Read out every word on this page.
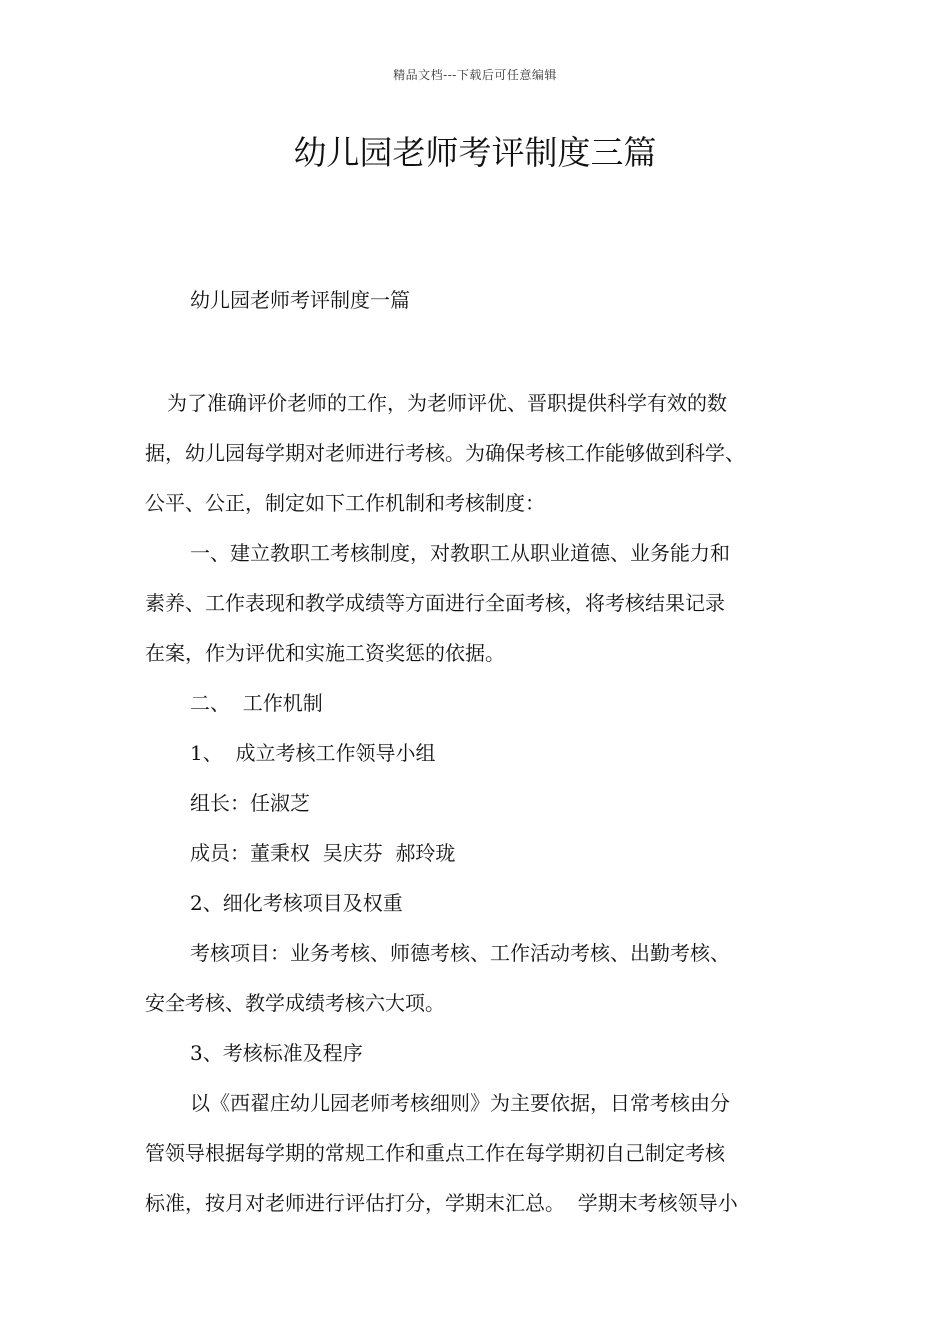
精品文档---下载后可任意编辑
幼儿园老师考评制度三篇
幼儿园老师考评制度一篇

为了准确评价老师的工作，为老师评优、晋职提供科学有效的数

据，幼儿园每学期对老师进行考核。为确保考核工作能够做到科学、

公平、公正，制定如下工作机制和考核制度：

一、建立教职工考核制度，对教职工从职业道德、业务能力和

素养、工作表现和教学成绩等方面进行全面考核，将考核结果记录

在案，作为评优和实施工资奖惩的依据。

二、  工作机制

1、  成立考核工作领导小组

组长：任淑芝

成员：董秉权  吴庆芬  郝玲珑

2、细化考核项目及权重

考核项目：业务考核、师德考核、工作活动考核、出勤考核、

安全考核、教学成绩考核六大项。

3、考核标准及程序

以《西翟庄幼儿园老师考核细则》为主要依据，日常考核由分

管领导根据每学期的常规工作和重点工作在每学期初自己制定考核

标准，按月对老师进行评估打分，学期末汇总。  学期末考核领导小
